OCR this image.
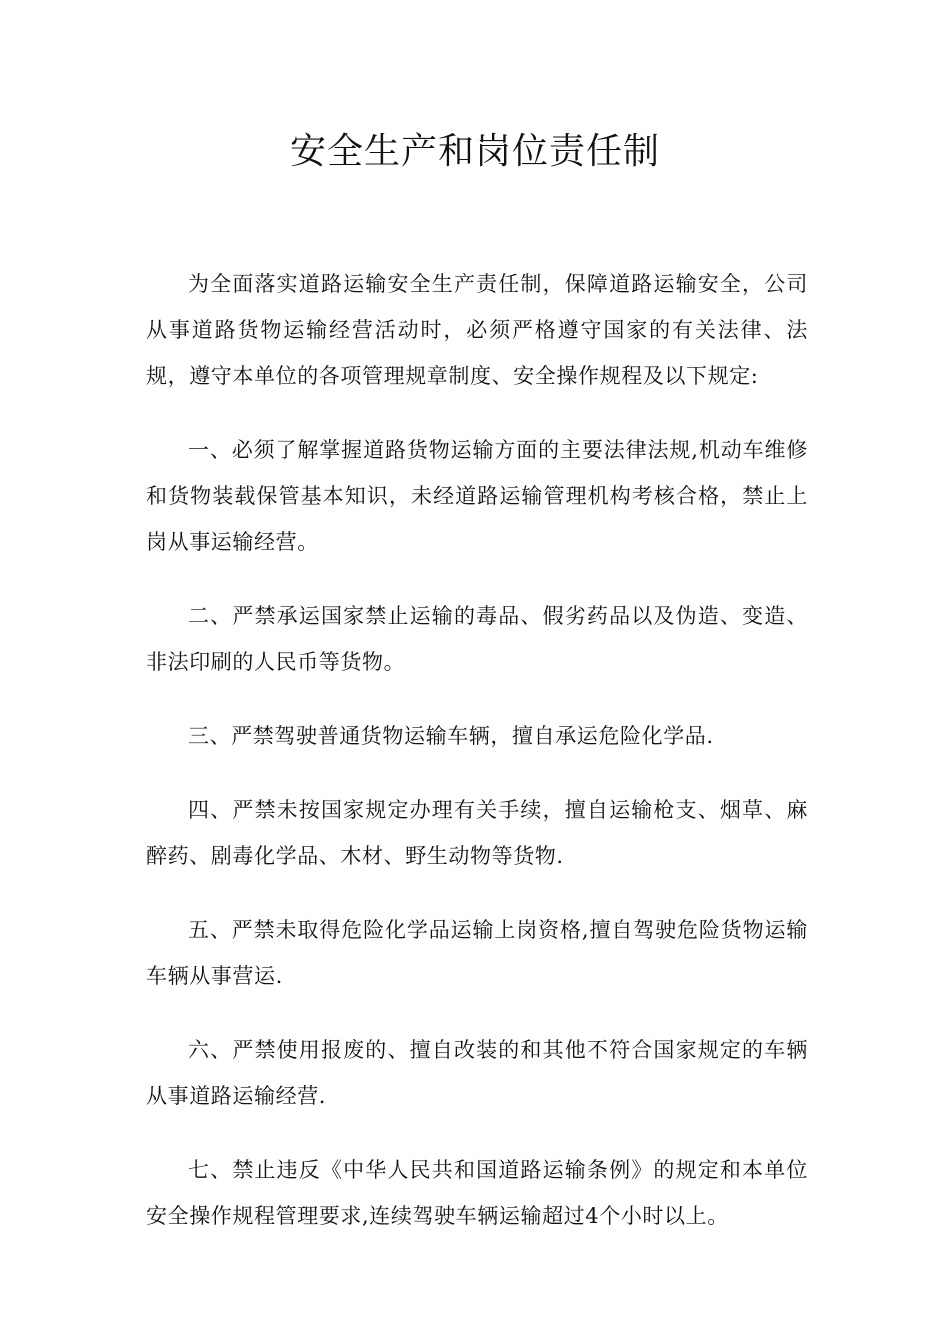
安全生产和岗位责任制

为全面落实道路运输安全生产责任制，保障道路运输安全，公司从事道路货物运输经营活动时，必须严格遵守国家的有关法律、法规，遵守本单位的各项管理规章制度、安全操作规程及以下规定:

一、必须了解掌握道路货物运输方面的主要法律法规,机动车维修和货物装载保管基本知识，未经道路运输管理机构考核合格，禁止上岗从事运输经营。

二、严禁承运国家禁止运输的毒品、假劣药品以及伪造、变造、非法印刷的人民币等货物。

三、严禁驾驶普通货物运输车辆，擅自承运危险化学品.

四、严禁未按国家规定办理有关手续，擅自运输枪支、烟草、麻醉药、剧毒化学品、木材、野生动物等货物.

五、严禁未取得危险化学品运输上岗资格,擅自驾驶危险货物运输车辆从事营运.

六、严禁使用报废的、擅自改装的和其他不符合国家规定的车辆从事道路运输经营.

七、禁止违反《中华人民共和国道路运输条例》的规定和本单位安全操作规程管理要求,连续驾驶车辆运输超过4个小时以上。
